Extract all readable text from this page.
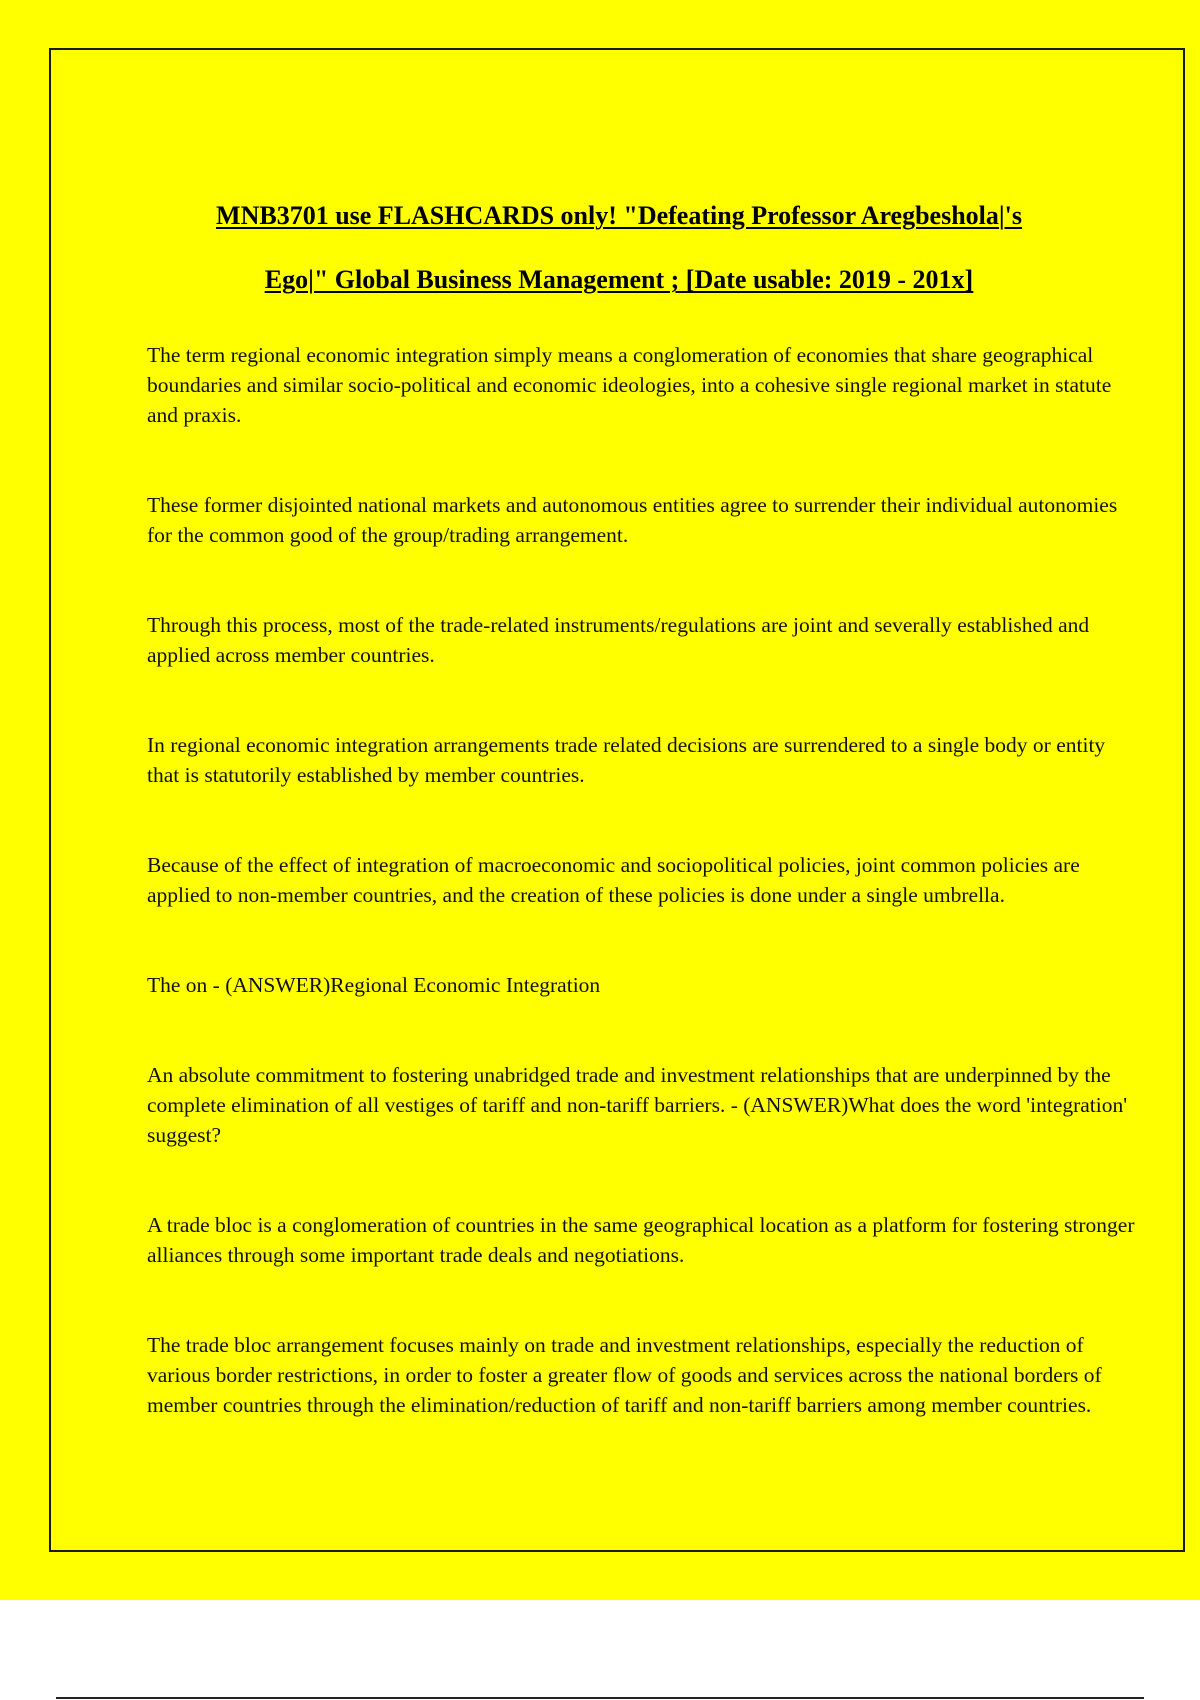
MNB3701 use FLASHCARDS only! "Defeating Professor Aregbeshola|'s
Ego|" Global Business Management ; [Date usable: 2019 - 201x]

The term regional economic integration simply means a conglomeration of economies that share geographical boundaries and similar socio-political and economic ideologies, into a cohesive single regional market in statute and praxis.

These former disjointed national markets and autonomous entities agree to surrender their individual autonomies for the common good of the group/trading arrangement.

Through this process, most of the trade-related instruments/regulations are joint and severally established and applied across member countries.

In regional economic integration arrangements trade related decisions are surrendered to a single body or entity that is statutorily established by member countries.

Because of the effect of integration of macroeconomic and sociopolitical policies, joint common policies are applied to non-member countries, and the creation of these policies is done under a single umbrella.

The on - (ANSWER)Regional Economic Integration

An absolute commitment to fostering unabridged trade and investment relationships that are underpinned by the complete elimination of all vestiges of tariff and non-tariff barriers. - (ANSWER)What does the word 'integration' suggest?

A trade bloc is a conglomeration of countries in the same geographical location as a platform for fostering stronger alliances through some important trade deals and negotiations.

The trade bloc arrangement focuses mainly on trade and investment relationships, especially the reduction of various border restrictions, in order to foster a greater flow of goods and services across the national borders of member countries through the elimination/reduction of tariff and non-tariff barriers among member countries.
